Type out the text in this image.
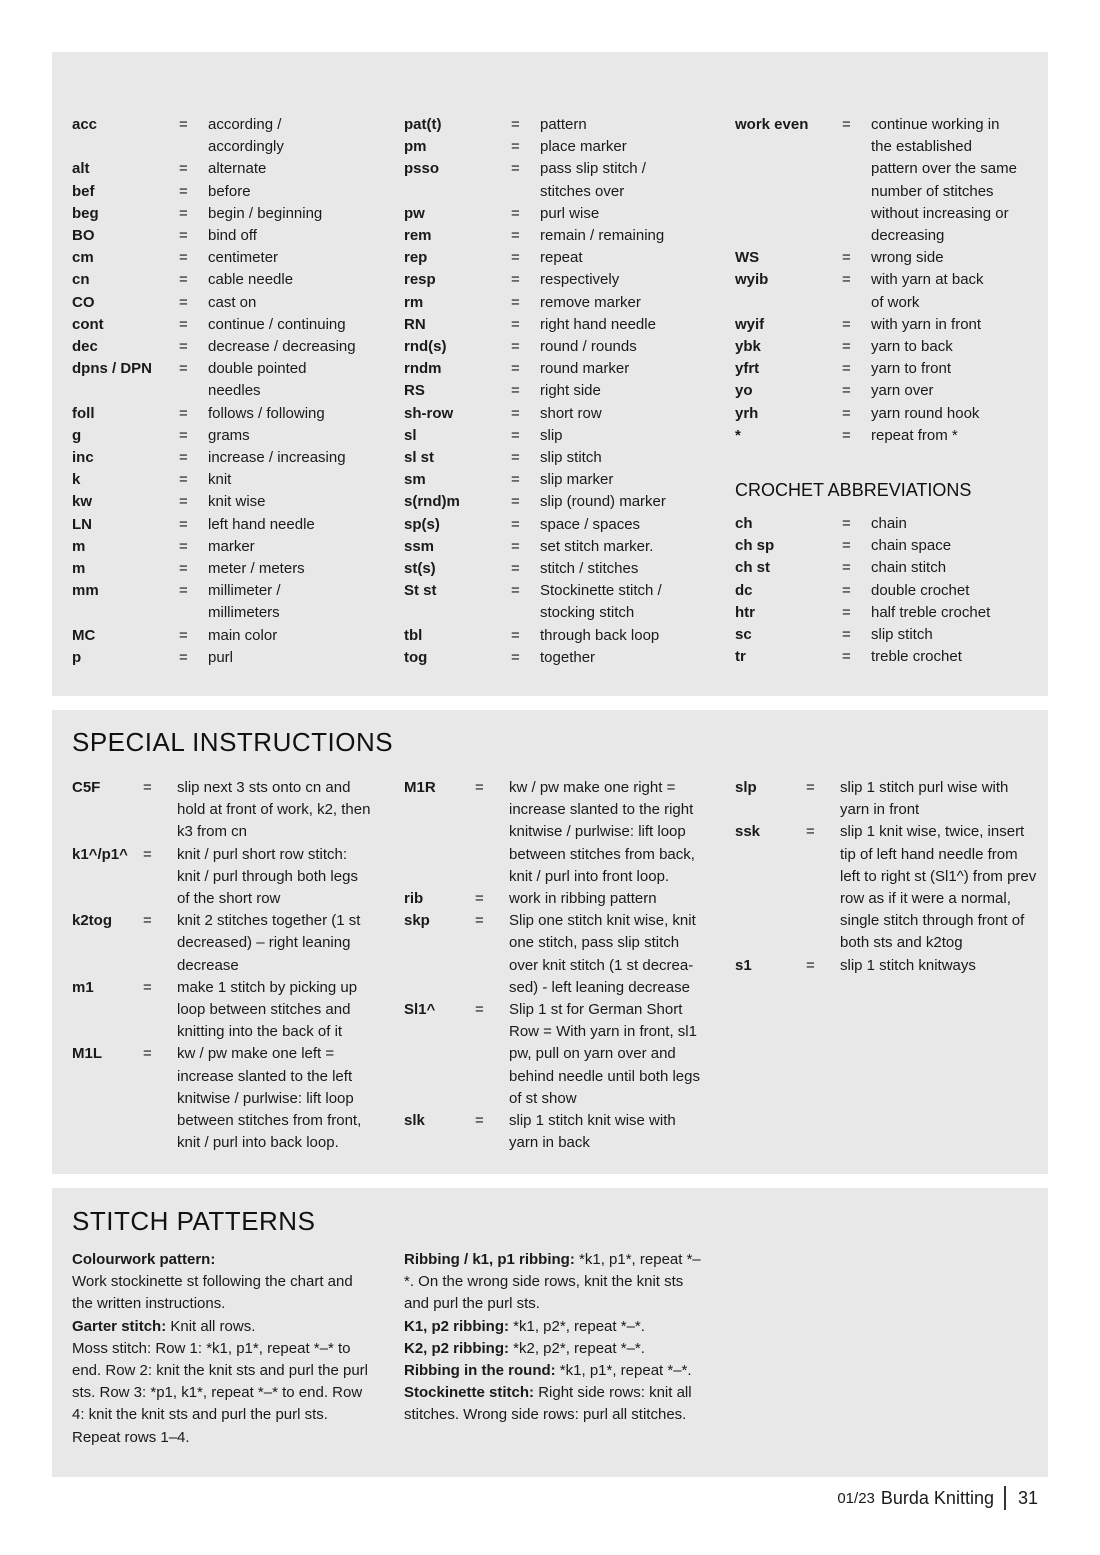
acc	=	according /
accordingly
alt	=	alternate
bef	=	before
beg	=	begin / beginning
BO	=	bind off
cm	=	centimeter
cn	=	cable needle
CO	=	cast on
cont	=	continue / continuing
dec	=	decrease / decreasing
dpns / DPN	=	double pointed
needles
foll	=	follows / following
g	=	grams
inc	=	increase / increasing
k	=	knit
kw	=	knit wise
LN	=	left hand needle
m	=	marker
m	=	meter / meters
mm	=	millimeter /
millimeters
MC	=	main color
p	=	purl
pat(t)	=	pattern
pm	=	place marker
psso	=	pass slip stitch /
stitches over
pw	=	purl wise
rem	=	remain / remaining
rep	=	repeat
resp	=	respectively
rm	=	remove marker
RN	=	right hand needle
rnd(s)	=	round / rounds
rndm	=	round marker
RS	=	right side
sh-row	=	short row
sl	=	slip
sl st	=	slip stitch
sm	=	slip marker
s(rnd)m	=	slip (round) marker
sp(s)	=	space / spaces
ssm	=	set stitch marker.
st(s)	=	stitch / stitches
St st	=	Stockinette stitch /
stocking stitch
tbl	=	through back loop
tog	=	together
work even	=	continue working in
the established
pattern over the same
number of stitches
without increasing or
decreasing
WS	=	wrong side
wyib	=	with yarn at back
of work
wyif	=	with yarn in front
ybk	=	yarn to back
yfrt	=	yarn to front
yo	=	yarn over
yrh	=	yarn round hook
*	=	repeat from *
CROCHET ABBREVIATIONS
ch	=	chain
ch sp	=	chain space
ch st	=	chain stitch
dc	=	double crochet
htr	=	half treble crochet
sc	=	slip stitch
tr	=	treble crochet
SPECIAL INSTRUCTIONS
C5F	=	slip next 3 sts onto cn and
hold at front of work, k2, then
k3 from cn
k1^/p1^	=	knit / purl short row stitch:
knit / purl through both legs
of the short row
k2tog	=	knit 2 stitches together (1 st
decreased) – right leaning
decrease
m1	=	make 1 stitch by picking up
loop between stitches and
knitting into the back of it
M1L	=	kw / pw make one left =
increase slanted to the left
knitwise / purlwise: lift loop
between stitches from front,
knit / purl into back loop.
M1R	=	kw / pw make one right =
increase slanted to the right
knitwise / purlwise: lift loop
between stitches from back,
knit / purl into front loop.
rib	=	work in ribbing pattern
skp	=	Slip one stitch knit wise, knit
one stitch, pass slip stitch
over knit stitch (1 st decrea-
sed) - left leaning decrease
Sl1^	=	Slip 1 st for German Short
Row = With yarn in front, sl1
pw, pull on yarn over and
behind needle until both legs
of st show
slk	=	slip 1 stitch knit wise with
yarn in back
slp	=	slip 1 stitch purl wise with
yarn in front
ssk	=	slip 1 knit wise, twice, insert
tip of left hand needle from
left to right st (Sl1^) from prev
row as if it were a normal,
single stitch through front of
both sts and k2tog
s1	=	slip 1 stitch knitways
STITCH PATTERNS

Colourwork pattern:

Work stockinette st following the chart and the written instructions.

Garter stitch: Knit all rows.

Moss stitch: Row 1: *k1, p1*, repeat *–* to end. Row 2: knit the knit sts and purl the purl sts. Row 3: *p1, k1*, repeat *–* to end. Row 4: knit the knit sts and purl the purl sts. Repeat rows 1–4.

Ribbing / k1, p1 ribbing: *k1, p1*, repeat *–*. On the wrong side rows, knit the knit sts and purl the purl sts.

K1, p2 ribbing: *k1, p2*, repeat *–*.

K2, p2 ribbing: *k2, p2*, repeat *–*.

Ribbing in the round: *k1, p1*, repeat *–*.

Stockinette stitch: Right side rows: knit all stitches. Wrong side rows: purl all stitches.

01/23 Burda Knitting 31
